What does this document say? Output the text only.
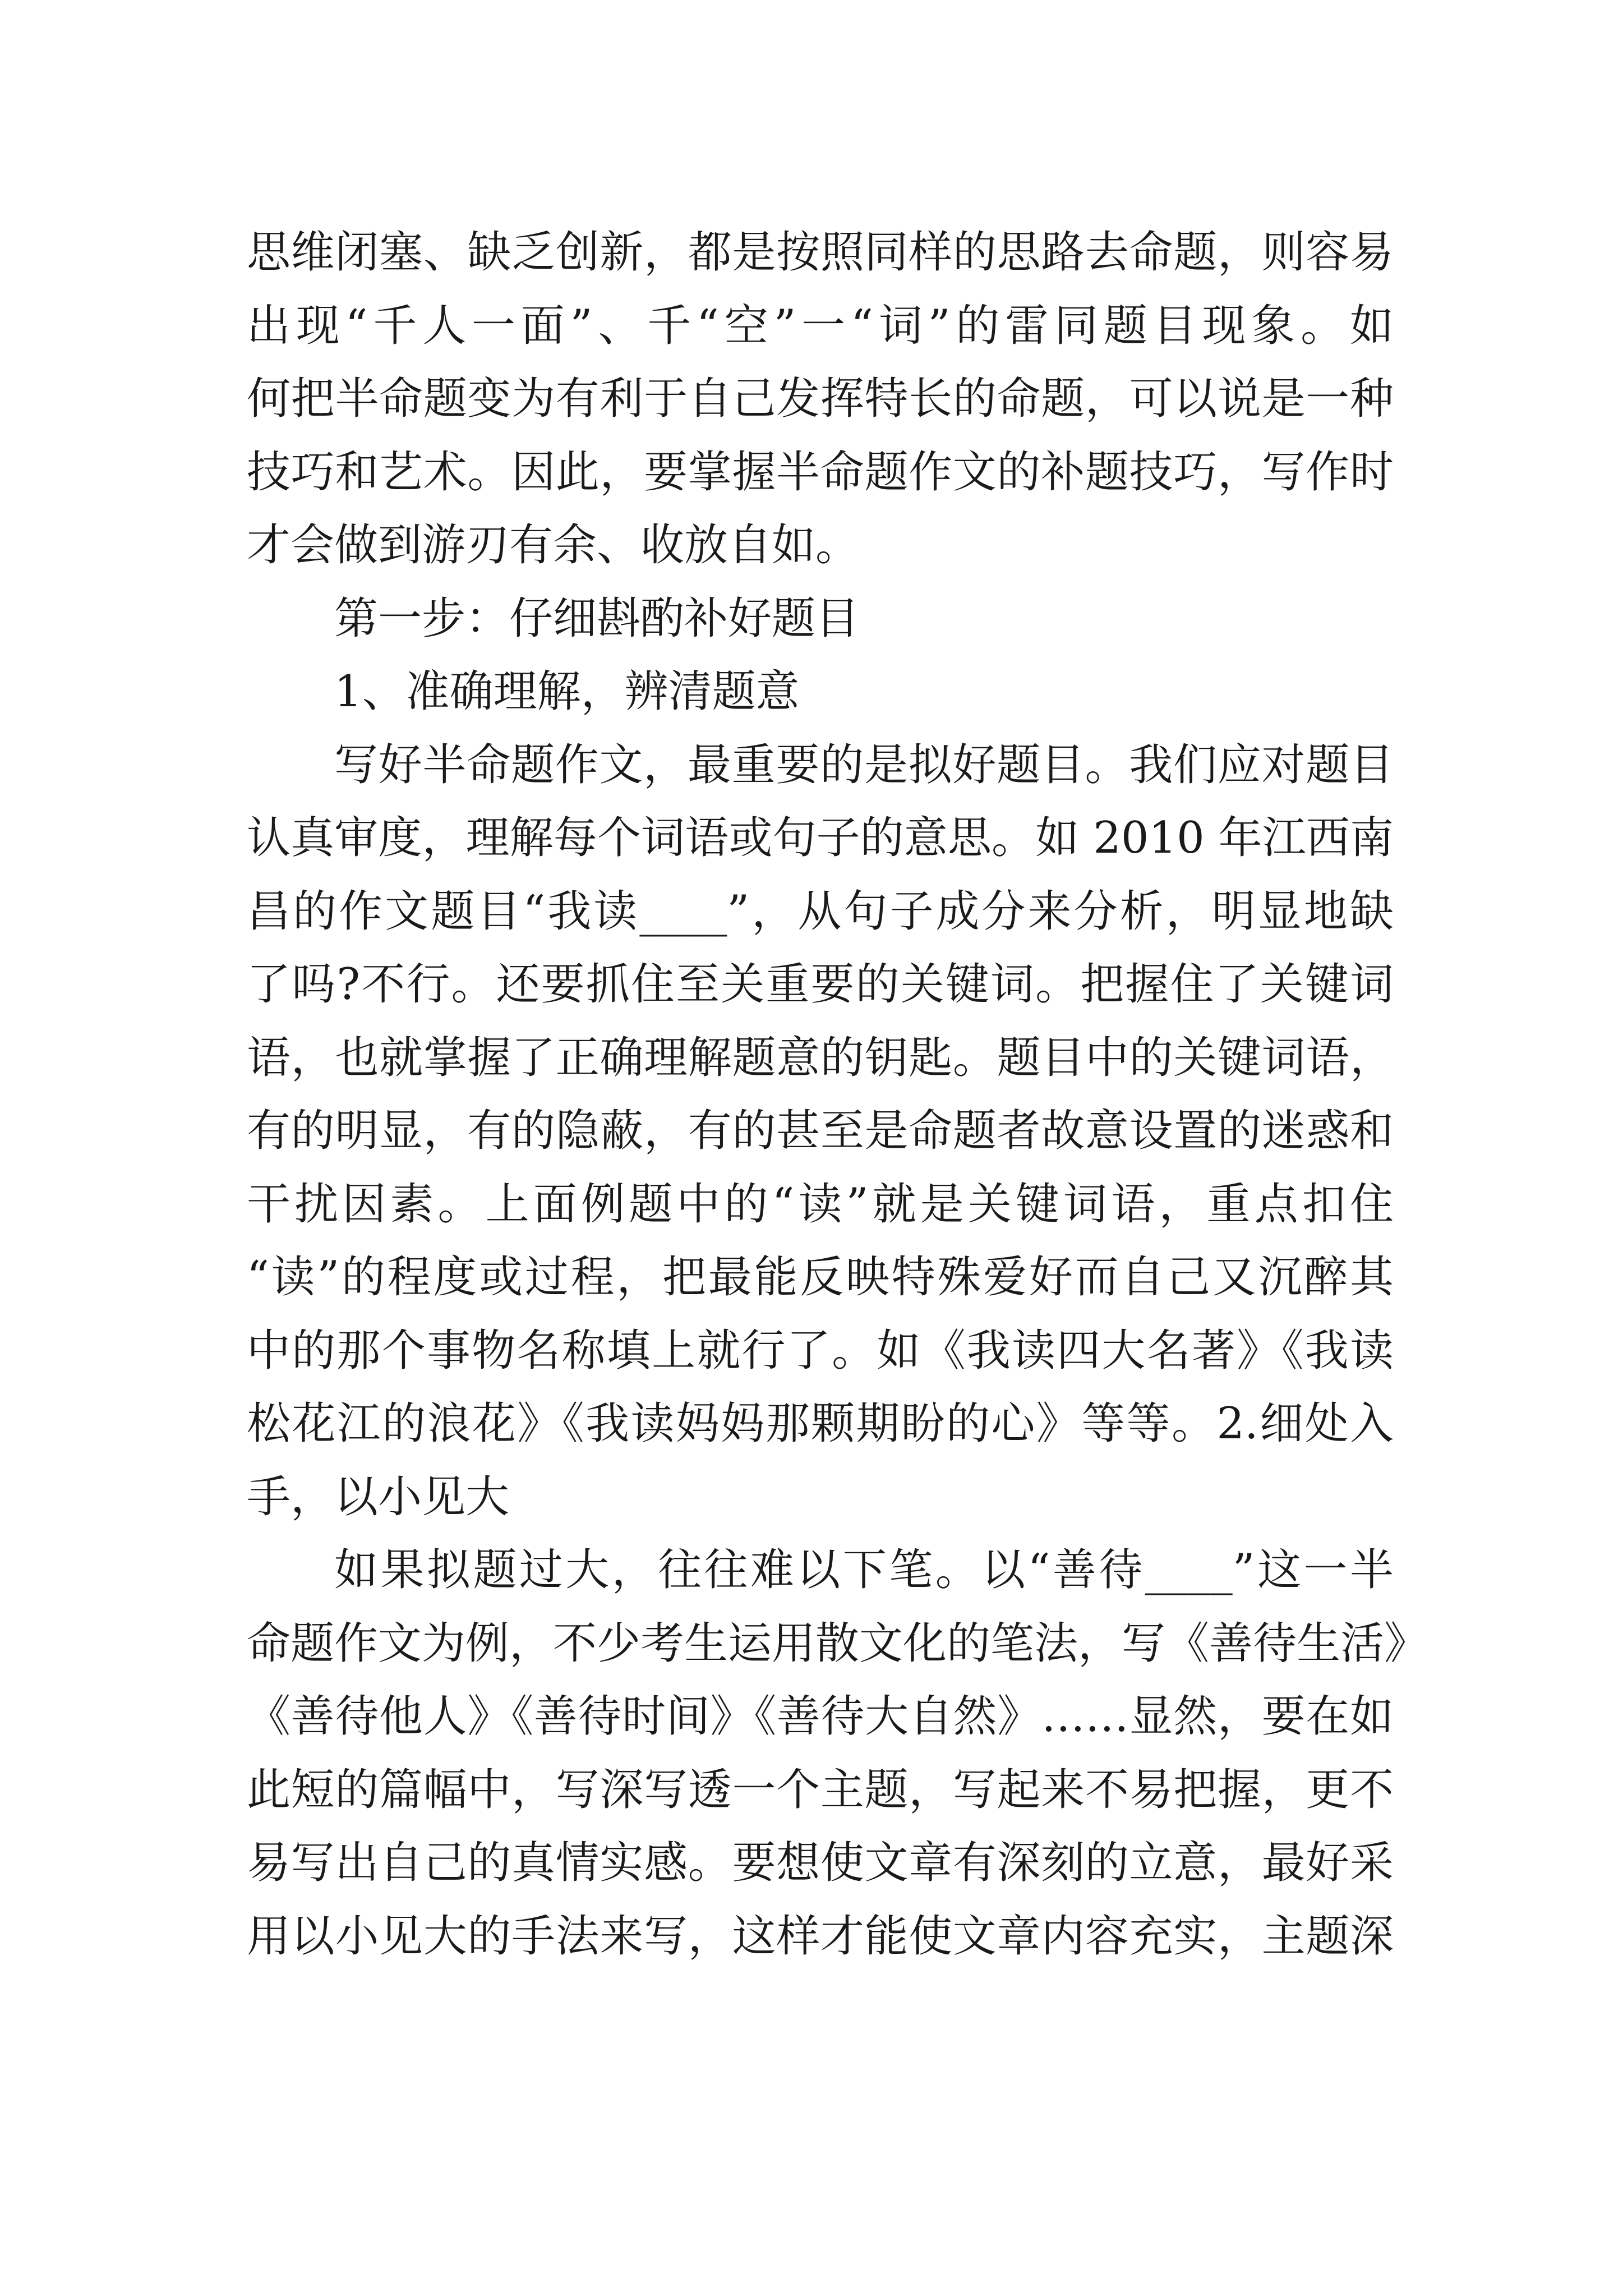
思维闭塞、缺乏创新，都是按照同样的思路去命题，则容易
出现“千人一面”、千“空”一“词”的雷同题目现象。如
何把半命题变为有利于自己发挥特长的命题，可以说是一种
技巧和艺术。因此，要掌握半命题作文的补题技巧，写作时
才会做到游刃有余、收放自如。
第一步：仔细斟酌补好题目
1、准确理解，辨清题意
写好半命题作文，最重要的是拟好题目。我们应对题目
认真审度，理解每个词语或句子的意思。如 2010 年江西南
昌的作文题目“我读____”，从句子成分来分析，明显地缺
了吗?不行。还要抓住至关重要的关键词。把握住了关键词
语，也就掌握了正确理解题意的钥匙。题目中的关键词语，
有的明显，有的隐蔽，有的甚至是命题者故意设置的迷惑和
干扰因素。上面例题中的“读”就是关键词语，重点扣住
“读”的程度或过程，把最能反映特殊爱好而自己又沉醉其
中的那个事物名称填上就行了。如《我读四大名著》《我读
松花江的浪花》《我读妈妈那颗期盼的心》等等。2.细处入
手，以小见大
如果拟题过大，往往难以下笔。以“善待____”这一半
命题作文为例，不少考生运用散文化的笔法，写《善待生活》
《善待他人》《善待时间》《善待大自然》……显然，要在如
此短的篇幅中，写深写透一个主题，写起来不易把握，更不
易写出自己的真情实感。要想使文章有深刻的立意，最好采
用以小见大的手法来写，这样才能使文章内容充实，主题深
